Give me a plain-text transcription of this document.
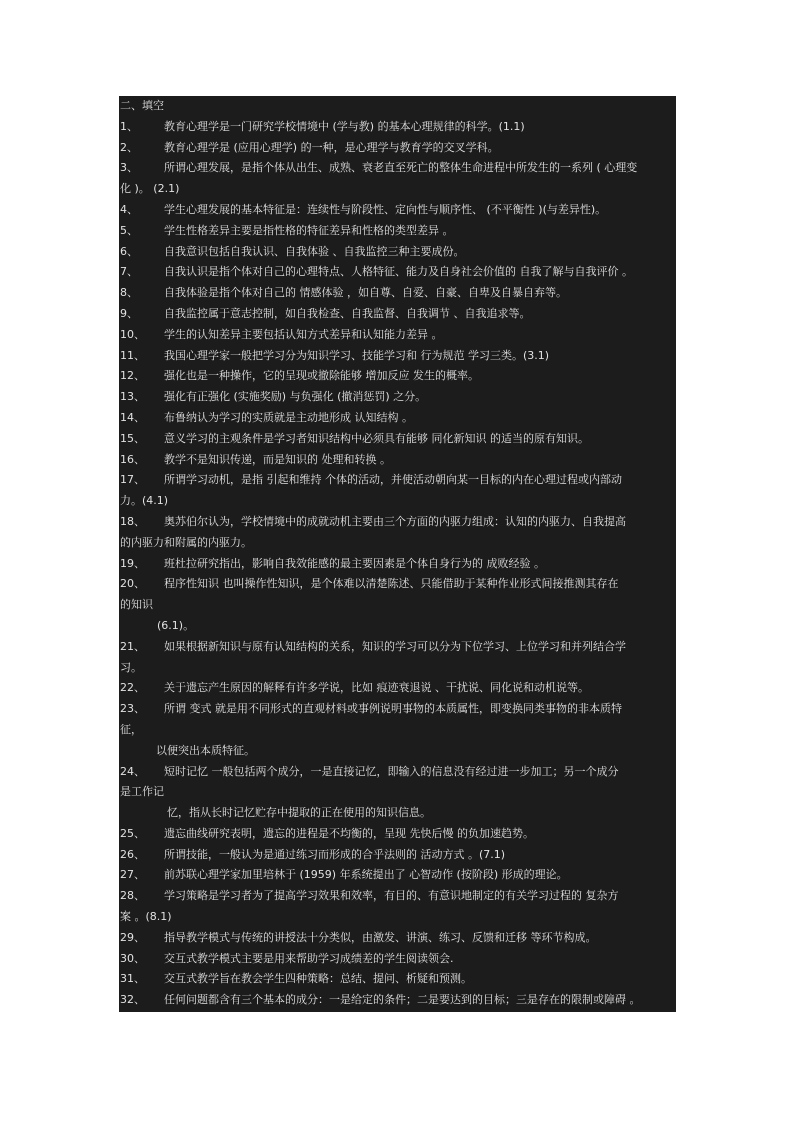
二、填空
1、 教育心理学是一门研究学校情境中 (学与教) 的基本心理规律的科学。(1.1)
2、 教育心理学是 (应用心理学) 的一种，是心理学与教育学的交叉学科。
3、 所谓心理发展，是指个体从出生、成熟、衰老直至死亡的整体生命进程中所发生的一系列 ( 心理变
化 )。 (2.1)
4、 学生心理发展的基本特征是：连续性与阶段性、定向性与顺序性、 (不平衡性 )(与差异性)。
5、 学生性格差异主要是指性格的特征差异和性格的类型差异 。
6、 自我意识包括自我认识、自我体验 、自我监控三种主要成份。
7、 自我认识是指个体对自己的心理特点、人格特征、能力及自身社会价值的 自我了解与自我评价 。
8、 自我体验是指个体对自己的 情感体验 ，如自尊、自爱、自豪、自卑及自暴自弃等。
9、 自我监控属于意志控制，如自我检查、自我监督、自我调节 、自我追求等。
10、 学生的认知差异主要包括认知方式差异和认知能力差异 。
11、 我国心理学家一般把学习分为知识学习、技能学习和 行为规范 学习三类。(3.1)
12、 强化也是一种操作，它的呈现或撤除能够 增加反应 发生的概率。
13、 强化有正强化 (实施奖励) 与负强化 (撤消惩罚) 之分。
14、 布鲁纳认为学习的实质就是主动地形成 认知结构 。
15、 意义学习的主观条件是学习者知识结构中必须具有能够 同化新知识 的适当的原有知识。
16、 教学不是知识传递，而是知识的 处理和转换 。
17、 所谓学习动机，是指 引起和维持 个体的活动，并使活动朝向某一目标的内在心理过程或内部动
力。(4.1)
18、 奥苏伯尔认为，学校情境中的成就动机主要由三个方面的内驱力组成：认知的内驱力、自我提高
的内驱力和附属的内驱力。
19、 班杜拉研究指出，影响自我效能感的最主要因素是个体自身行为的 成败经验 。
20、 程序性知识 也叫操作性知识，是个体难以清楚陈述、只能借助于某种作业形式间接推测其存在
的知识
(6.1)。
21、 如果根据新知识与原有认知结构的关系，知识的学习可以分为下位学习、上位学习和并列结合学
习。
22、 关于遗忘产生原因的解释有许多学说，比如 痕迹衰退说 、干扰说、同化说和动机说等。
23、 所谓 变式 就是用不同形式的直观材料或事例说明事物的本质属性，即变换同类事物的非本质特
征，
以便突出本质特征。
24、 短时记忆 一般包括两个成分，一是直接记忆，即输入的信息没有经过进一步加工；另一个成分
是工作记
忆，指从长时记忆贮存中提取的正在使用的知识信息。
25、 遗忘曲线研究表明，遗忘的进程是不均衡的，呈现 先快后慢 的负加速趋势。
26、 所谓技能，一般认为是通过练习而形成的合乎法则的 活动方式 。(7.1)
27、 前苏联心理学家加里培林于 (1959) 年系统提出了 心智动作 (按阶段) 形成的理论。
28、 学习策略是学习者为了提高学习效果和效率，有目的、有意识地制定的有关学习过程的 复杂方
案 。(8.1)
29、 指导教学模式与传统的讲授法十分类似，由激发、讲演、练习、反馈和迁移 等环节构成。
30、 交互式教学模式主要是用来帮助学习成绩差的学生阅读领会.
31、 交互式教学旨在教会学生四种策略：总结、提问、析疑和预测。
32、 任何问题都含有三个基本的成分：一是给定的条件；二是要达到的目标；三是存在的限制或障碍 。
